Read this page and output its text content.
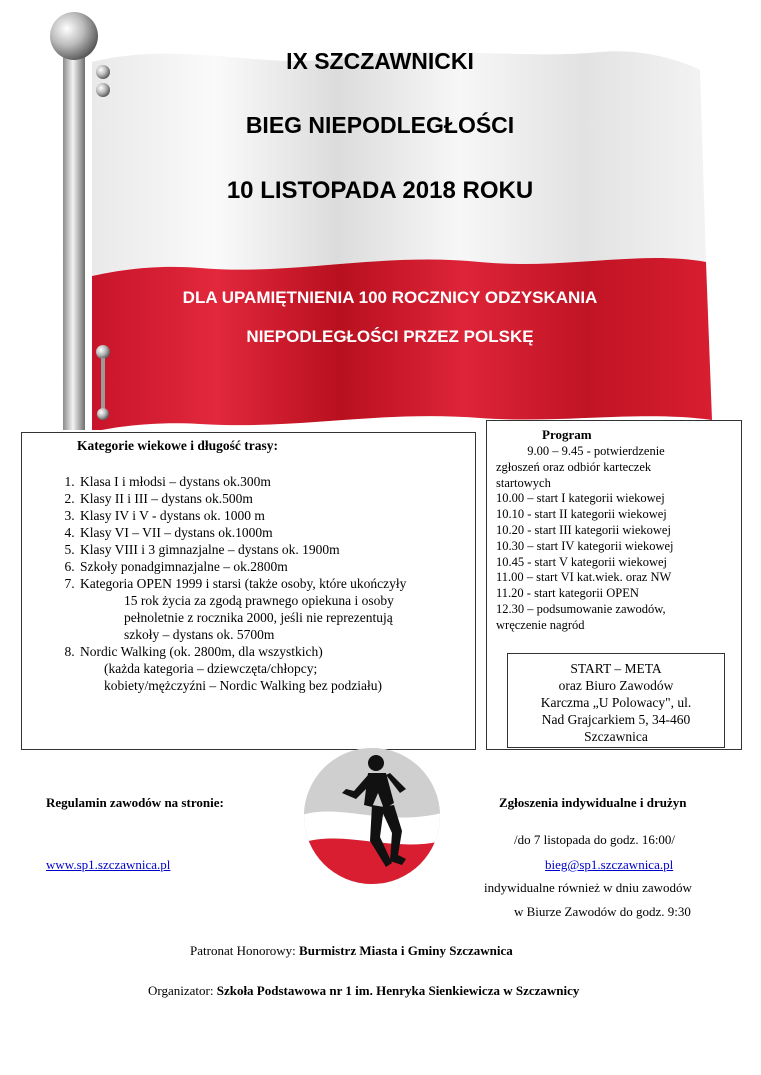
IX SZCZAWNICKI
BIEG NIEPODLEGŁOŚCI
10 LISTOPADA 2018 ROKU
DLA UPAMIĘTNIENIA 100 ROCZNICY ODZYSKANIA
NIEPODLEGŁOŚCI PRZEZ POLSKĘ
Kategorie wiekowe i długość trasy:
1. Klasa I i młodsi – dystans ok.300m
2. Klasy II i III – dystans ok.500m
3. Klasy IV i V - dystans ok. 1000 m
4. Klasy VI – VII – dystans ok.1000m
5. Klasy VIII i 3 gimnazjalne – dystans ok. 1900m
6. Szkoły ponadgimnazjalne – ok.2800m
7. Kategoria OPEN 1999 i starsi (także osoby, które ukończyły
15 rok życia za zgodą prawnego opiekuna i osoby
pełnoletnie z rocznika 2000, jeśli nie reprezentują
szkoły – dystans ok. 5700m
8. Nordic Walking (ok. 2800m, dla wszystkich)
(każda kategoria – dziewczęta/chłopcy;
kobiety/mężczyźni – Nordic Walking bez podziału)
Program
9.00 – 9.45 - potwierdzenie
zgłoszeń oraz odbiór karteczek
startowych
10.00 – start I kategorii wiekowej
10.10 - start II kategorii wiekowej
10.20 - start III kategorii wiekowej
10.30 – start IV kategorii wiekowej
10.45 - start V kategorii wiekowej
11.00 – start VI kat.wiek. oraz NW
11.20 - start kategorii OPEN
12.30 – podsumowanie zawodów,
wręczenie nagród
START – META
oraz Biuro Zawodów
Karczma „U Polowacy", ul.
Nad Grajcarkiem 5, 34-460
Szczawnica
Regulamin zawodów na stronie:
www.sp1.szczawnica.pl
Zgłoszenia indywidualne i drużyn
/do 7 listopada do godz. 16:00/
bieg@sp1.szczawnica.pl
indywidualne również w dniu zawodów
w Biurze Zawodów do godz. 9:30
Patronat Honorowy: Burmistrz Miasta i Gminy Szczawnica
Organizator: Szkoła Podstawowa nr 1 im. Henryka Sienkiewicza w Szczawnicy
